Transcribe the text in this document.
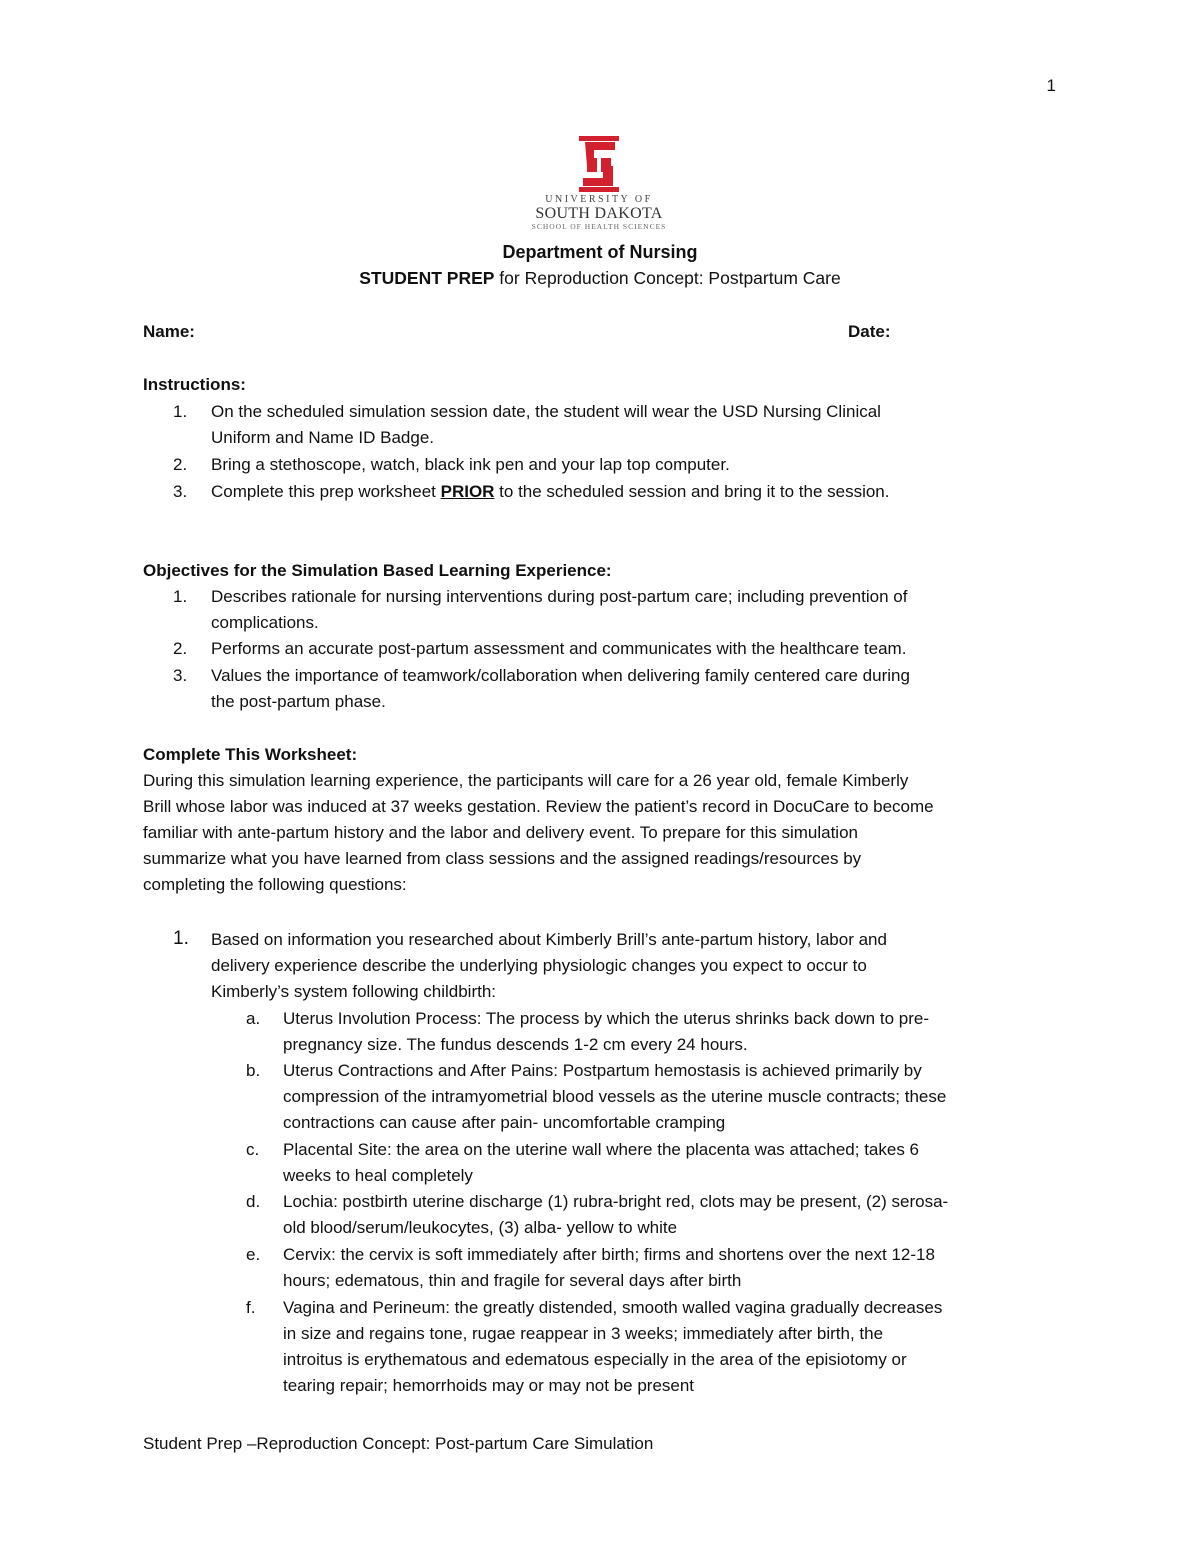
1
UNIVERSITY OF
SOUTH DAKOTA
SCHOOL OF HEALTH SCIENCES
Department of Nursing
STUDENT PREP for Reproduction Concept: Postpartum Care
Name:	Date:
Instructions:
1.	On the scheduled simulation session date, the student will wear the USD Nursing Clinical
Uniform and Name ID Badge.
2.	Bring a stethoscope, watch, black ink pen and your lap top computer.
3.	Complete this prep worksheet PRIOR to the scheduled session and bring it to the session.
Objectives for the Simulation Based Learning Experience:
1.	Describes rationale for nursing interventions during post-partum care; including prevention of
complications.
2.	Performs an accurate post-partum assessment and communicates with the healthcare team.
3.	Values the importance of teamwork/collaboration when delivering family centered care during
the post-partum phase.
Complete This Worksheet:
During this simulation learning experience, the participants will care for a 26 year old, female Kimberly
Brill whose labor was induced at 37 weeks gestation. Review the patient’s record in DocuCare to become
familiar with ante-partum history and the labor and delivery event. To prepare for this simulation
summarize what you have learned from class sessions and the assigned readings/resources by
completing the following questions:
1.	Based on information you researched about Kimberly Brill’s ante-partum history, labor and
delivery experience describe the underlying physiologic changes you expect to occur to
Kimberly’s system following childbirth:
a.	Uterus Involution Process: The process by which the uterus shrinks back down to pre-
pregnancy size. The fundus descends 1-2 cm every 24 hours.
b.	Uterus Contractions and After Pains: Postpartum hemostasis is achieved primarily by
compression of the intramyometrial blood vessels as the uterine muscle contracts; these
contractions can cause after pain- uncomfortable cramping
c.	Placental Site: the area on the uterine wall where the placenta was attached; takes 6
weeks to heal completely
d.	Lochia: postbirth uterine discharge (1) rubra-bright red, clots may be present, (2) serosa-
old blood/serum/leukocytes, (3) alba- yellow to white
e.	Cervix: the cervix is soft immediately after birth; firms and shortens over the next 12-18
hours; edematous, thin and fragile for several days after birth
f.	Vagina and Perineum: the greatly distended, smooth walled vagina gradually decreases
in size and regains tone, rugae reappear in 3 weeks; immediately after birth, the
introitus is erythematous and edematous especially in the area of the episiotomy or
tearing repair; hemorrhoids may or may not be present
Student Prep –Reproduction Concept: Post-partum Care Simulation
